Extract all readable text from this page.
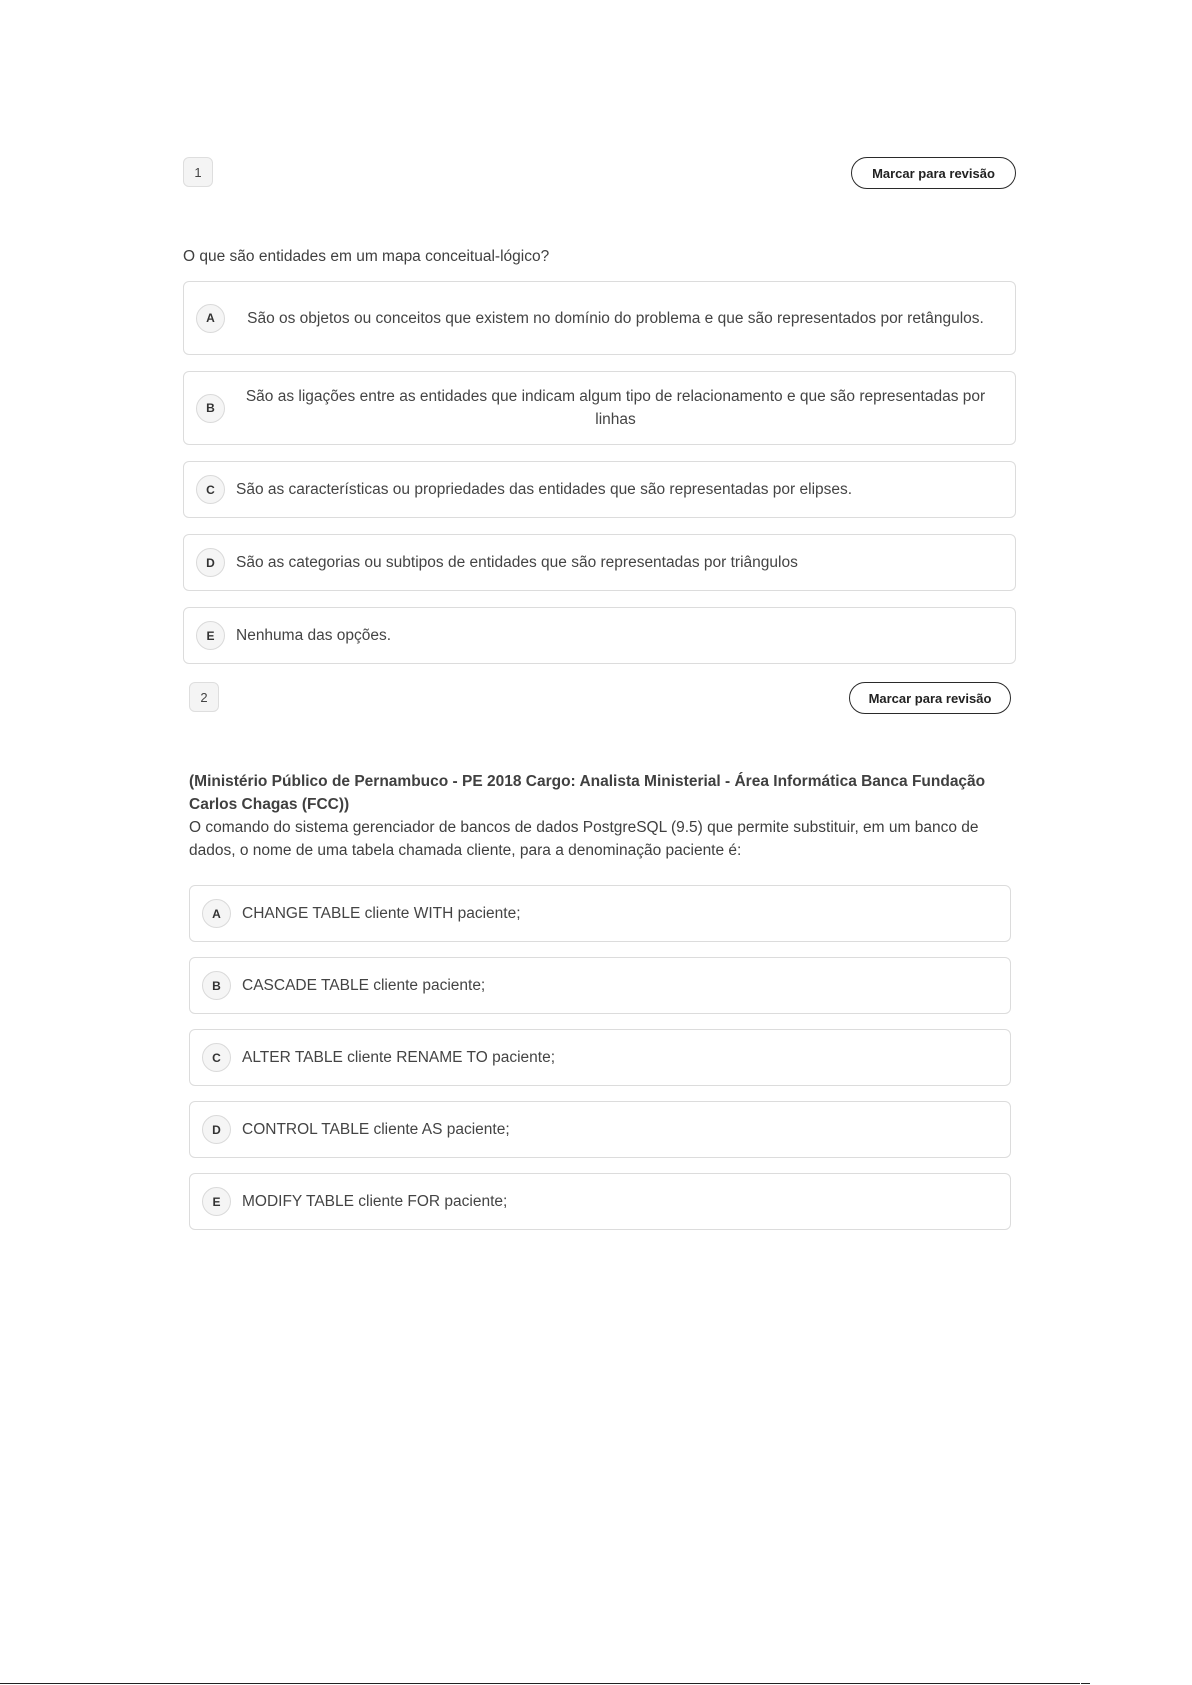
1	Marcar para revisão
O que são entidades em um mapa conceitual-lógico?
A	São os objetos ou conceitos que existem no domínio do problema e que são representados por retângulos.
B
São as ligações entre as entidades que indicam algum tipo de relacionamento e que são representadas por linhas
C	São as características ou propriedades das entidades que são representadas por elipses.
D	São as categorias ou subtipos de entidades que são representadas por triângulos
E	Nenhuma das opções.
2	Marcar para revisão
(Ministério Público de Pernambuco - PE 2018 Cargo: Analista Ministerial - Área Informática Banca Fundação Carlos Chagas (FCC))
O comando do sistema gerenciador de bancos de dados PostgreSQL (9.5) que permite substituir, em um banco de dados, o nome de uma tabela chamada cliente, para a denominação paciente é:
A	CHANGE TABLE cliente WITH paciente;
B	CASCADE TABLE cliente paciente;
C	ALTER TABLE cliente RENAME TO paciente;
D	CONTROL TABLE cliente AS paciente;
E	MODIFY TABLE cliente FOR paciente;
